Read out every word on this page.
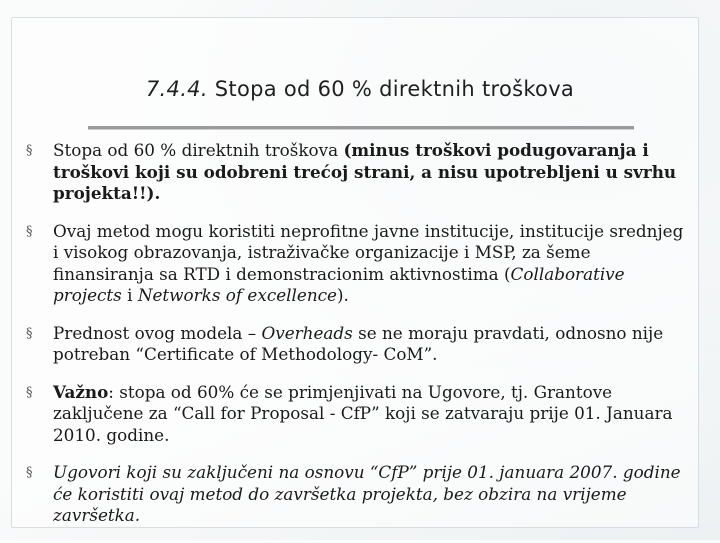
7.4.4. Stopa od 60 % direktnih troškova
§ Stopa od 60 % direktnih troškova (minus troškovi podugovaranja i troškovi koji su odobreni trećoj strani, a nisu upotrebljeni u svrhu projekta!!).
§ Ovaj metod mogu koristiti neprofitne javne institucije, institucije srednjeg i visokog obrazovanja, istraživačke organizacije i MSP, za šeme finansiranja sa RTD i demonstracionim aktivnostima (Collaborative projects i Networks of excellence).
§ Prednost ovog modela – Overheads se ne moraju pravdati, odnosno nije potreban “Certificate of Methodology- CoM”.
§ Važno: stopa od 60% će se primjenjivati na Ugovore, tj. Grantove zaključene za “Call for Proposal - CfP” koji se zatvaraju prije 01. Januara 2010. godine.
§ Ugovori koji su zaključeni na osnovu “CfP” prije 01. januara 2007. godine će koristiti ovaj metod do završetka projekta, bez obzira na vrijeme završetka.
